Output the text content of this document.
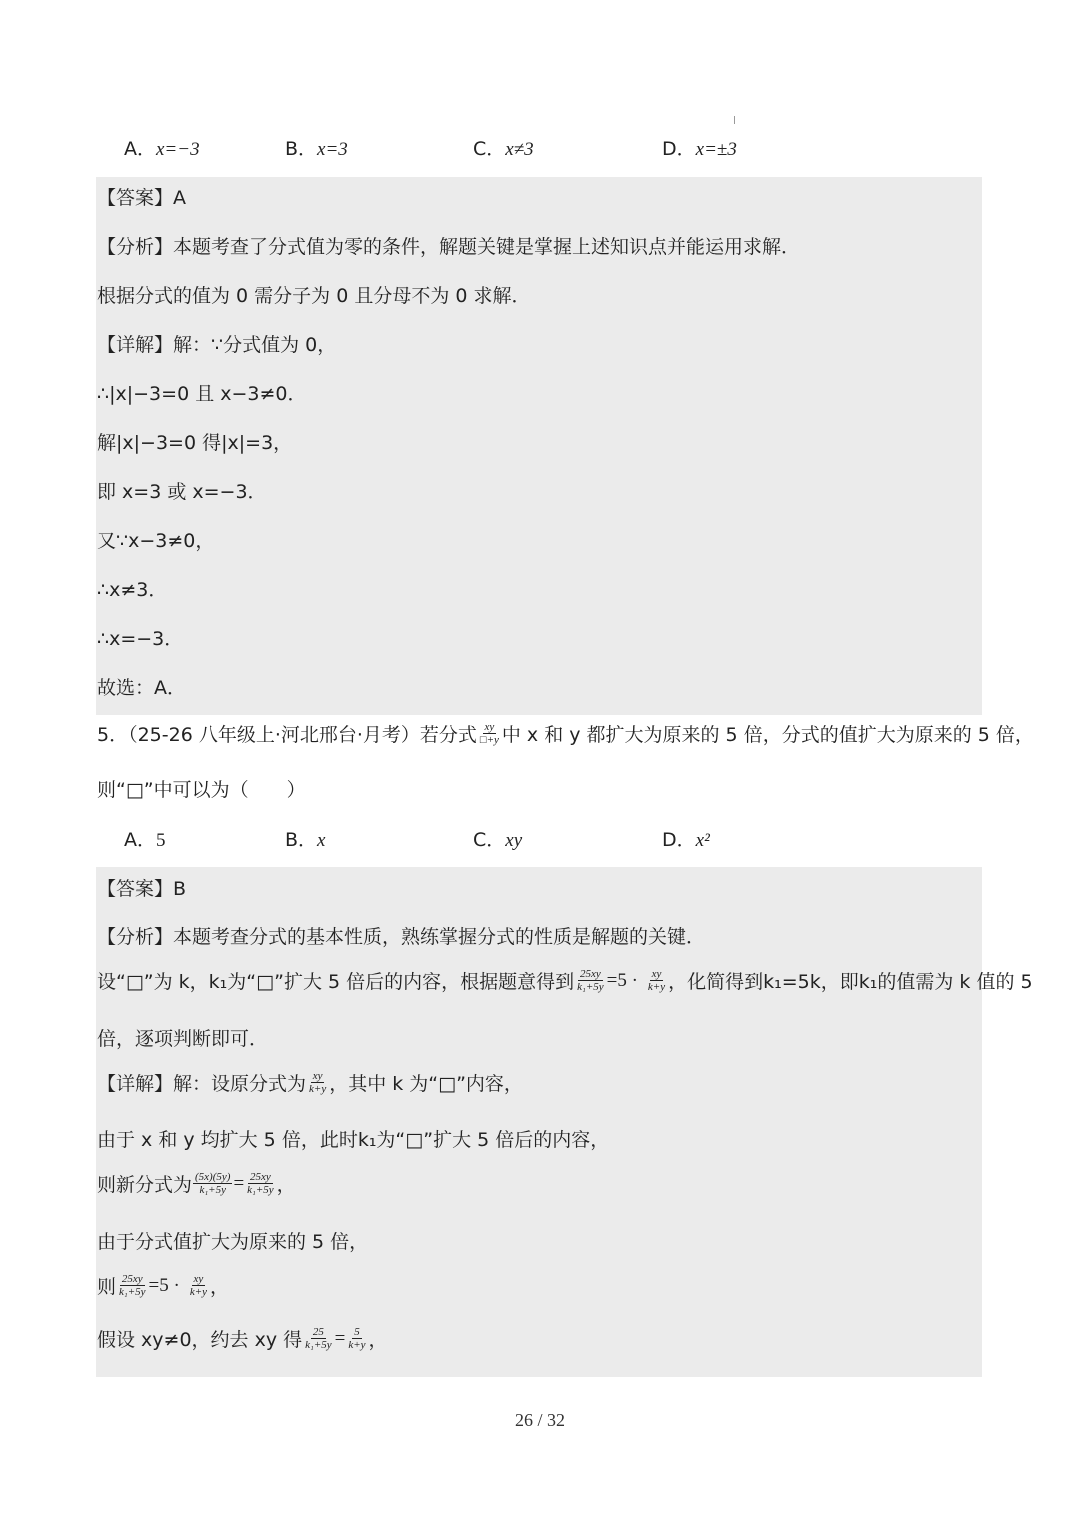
A．x=−3	B．x=3	C．x≠3	D．x=±3
【答案】A
【分析】本题考查了分式值为零的条件，解题关键是掌握上述知识点并能运用求解．
根据分式的值为 0 需分子为 0 且分母不为 0 求解．
【详解】解：∵分式值为 0，
∴|x|−3=0 且 x−3≠0．
解|x|−3=0 得|x|=3，
即 x=3 或 x=−3．
又∵x−3≠0，
∴x≠3．
∴x=−3．
故选：A．
5．（25-26 八年级上·河北邢台·月考）若分式 $\frac{xy}{□+y}$ 中 x 和 y 都扩大为原来的 5 倍，分式的值扩大为原来的 5 倍，
则“□”中可以为（　　）
A．5	B．x	C．xy	D．x²
【答案】B
【分析】本题考查分式的基本性质，熟练掌握分式的性质是解题的关键．
设“□”为 k，k₁为“□”扩大 5 倍后的内容，根据题意得到 $\frac{25xy}{\text{k₁+5y}} =5 \cdot \frac{xy}{k+y}$ ，化简得到k₁=5k，即k₁的值需为 k 值的 5
倍，逐项判断即可．
【详解】解：设原分式为 $\frac{xy}{k+y}$ ，其中 k 为“□”内容，
由于 x 和 y 均扩大 5 倍，此时k₁为“□”扩大 5 倍后的内容，
则新分式为 $\frac{(5x)(5y)}{\text{k₁+5y}} = \frac{25xy}{\text{k₁+5y}}$ ，
由于分式值扩大为原来的 5 倍，
则 $\frac{25xy}{\text{k₁+5y}} =5 \cdot \frac{xy}{k+y}$ ，
假设 xy≠0，约去 xy 得 $\frac{25}{\text{k₁+5y}} = \frac{5}{k+y}$ ，
26 / 32
